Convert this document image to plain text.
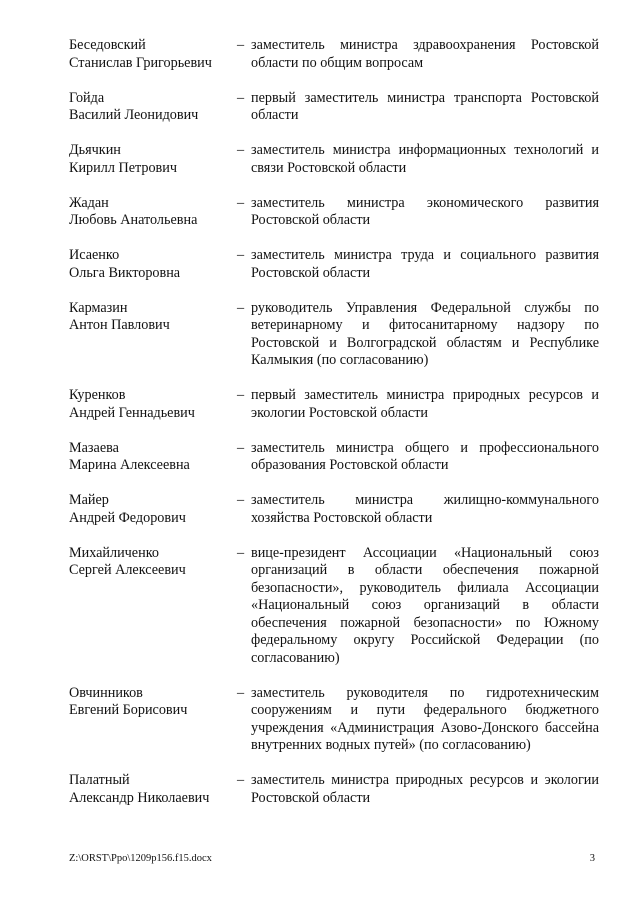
Беседовский
Станислав Григорьевич
– заместитель министра здравоохранения Ростовской области по общим вопросам
Гойда
Василий Леонидович
– первый заместитель министра транспорта Ростовской области
Дьячкин
Кирилл Петрович
– заместитель министра информационных технологий и связи Ростовской области
Жадан
Любовь Анатольевна
– заместитель министра экономического развития Ростовской области
Исаенко
Ольга Викторовна
– заместитель министра труда и социального развития Ростовской области
Кармазин
Антон Павлович
– руководитель Управления Федеральной службы по ветеринарному и фитосанитарному надзору по Ростовской и Волгоградской областям и Республике Калмыкия (по согласованию)
Куренков
Андрей Геннадьевич
– первый заместитель министра природных ресурсов и экологии Ростовской области
Мазаева
Марина Алексеевна
– заместитель министра общего и профессионального образования Ростовской области
Майер
Андрей Федорович
– заместитель министра жилищно-коммунального хозяйства Ростовской области
Михайличенко
Сергей Алексеевич
– вице-президент Ассоциации «Национальный союз организаций в области обеспечения пожарной безопасности», руководитель филиала Ассоциации «Национальный союз организаций в области обеспечения пожарной безопасности» по Южному федеральному округу Российской Федерации (по согласованию)
Овчинников
Евгений Борисович
– заместитель руководителя по гидротехническим сооружениям и пути федерального бюджетного учреждения «Администрация Азово-Донского бассейна внутренних водных путей» (по согласованию)
Палатный
Александр Николаевич
– заместитель министра природных ресурсов и экологии Ростовской области
Z:\ORST\Ppo\1209p156.f15.docx	3
